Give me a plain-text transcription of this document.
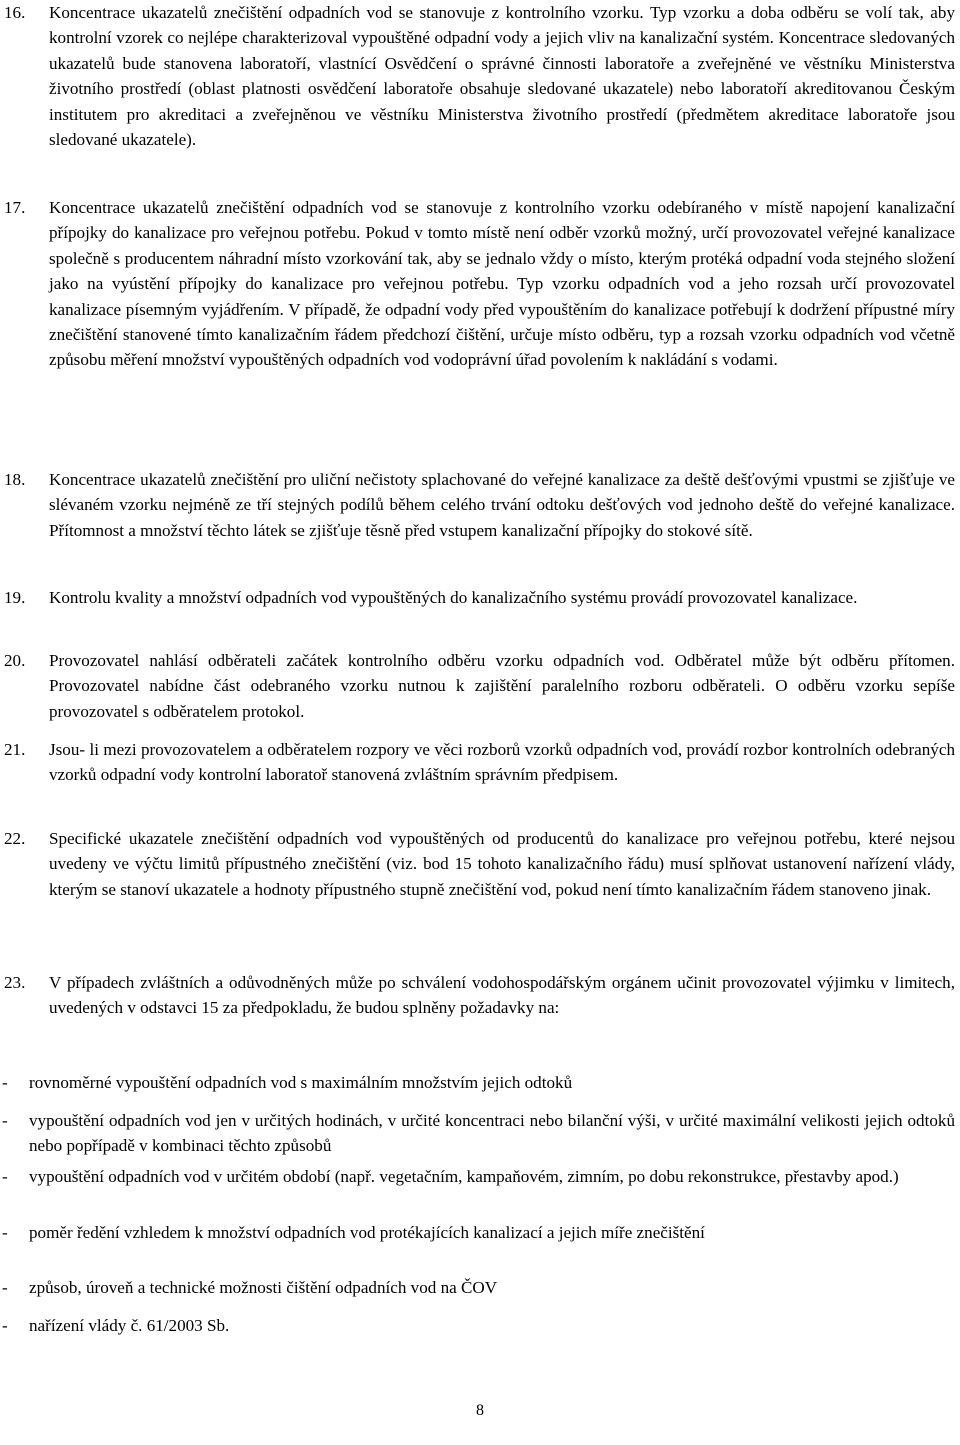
16.	Koncentrace ukazatelů znečištění odpadních vod se stanovuje z kontrolního vzorku. Typ vzorku a doba odběru se volí tak, aby kontrolní vzorek co nejlépe charakterizoval vypouštěné odpadní vody a jejich vliv na kanalizační systém. Koncentrace sledovaných ukazatelů bude stanovena laboratoří, vlastnící Osvědčení o správné činnosti laboratoře a zveřejněné ve věstníku Ministerstva životního prostředí (oblast platnosti osvědčení laboratoře obsahuje sledované ukazatele) nebo laboratoří akreditovanou Českým institutem pro akreditaci a zveřejněnou ve věstníku Ministerstva životního prostředí (předmětem akreditace laboratoře jsou sledované ukazatele).
17.	Koncentrace ukazatelů znečištění odpadních vod se stanovuje z kontrolního vzorku odebíraného v místě napojení kanalizační přípojky do kanalizace pro veřejnou potřebu. Pokud v tomto místě není odběr vzorků možný, určí provozovatel veřejné kanalizace společně s producentem náhradní místo vzorkování tak, aby se jednalo vždy o místo, kterým protéká odpadní voda stejného složení jako na vyústění přípojky do kanalizace pro veřejnou potřebu. Typ vzorku odpadních vod a jeho rozsah určí provozovatel kanalizace písemným vyjádřením. V případě, že odpadní vody před vypouštěním do kanalizace potřebují k dodržení přípustné míry znečištění stanovené tímto kanalizačním řádem předchozí čištění, určuje místo odběru, typ a rozsah vzorku odpadních vod včetně způsobu měření množství vypouštěných odpadních vod vodoprávní úřad povolením k nakládání s vodami.
18.	Koncentrace ukazatelů znečištění pro uliční nečistoty splachované do veřejné kanalizace za deště dešťovými vpustmi se zjišťuje ve slévaném vzorku nejméně ze tří stejných podílů během celého trvání odtoku dešťových vod jednoho deště do veřejné kanalizace. Přítomnost a množství těchto látek se zjišťuje těsně před vstupem kanalizační přípojky do stokové sítě.
19.	Kontrolu kvality a množství odpadních vod vypouštěných do kanalizačního systému provádí provozovatel kanalizace.
20.	Provozovatel nahlásí odběrateli začátek kontrolního odběru vzorku odpadních vod. Odběratel může být odběru přítomen. Provozovatel nabídne část odebraného vzorku nutnou k zajištění paralelního rozboru odběrateli. O odběru vzorku sepíše provozovatel s odběratelem protokol.
21.	Jsou- li mezi provozovatelem a odběratelem rozpory ve věci rozborů vzorků odpadních vod, provádí rozbor kontrolních odebraných vzorků odpadní vody kontrolní laboratoř stanovená zvláštním správním předpisem.
22.	Specifické ukazatele znečištění odpadních vod vypouštěných od producentů do kanalizace pro veřejnou potřebu, které nejsou uvedeny ve výčtu limitů přípustného znečištění (viz. bod 15 tohoto kanalizačního řádu) musí splňovat ustanovení nařízení vlády, kterým se stanoví ukazatele a hodnoty přípustného stupně znečištění vod, pokud není tímto kanalizačním řádem stanoveno jinak.
23.	V případech zvláštních a odůvodněných může po schválení vodohospodářským orgánem učinit provozovatel výjimku v limitech, uvedených v odstavci 15 za předpokladu, že budou splněny požadavky na:
-	rovnoměrné vypouštění odpadních vod s maximálním množstvím jejich odtoků
-	vypouštění odpadních vod jen v určitých hodinách, v určité koncentraci nebo bilanční výši, v určité maximální velikosti jejich odtoků nebo popřípadě v kombinaci těchto způsobů
-	vypouštění odpadních vod v určitém období (např. vegetačním, kampaňovém, zimním, po dobu rekonstrukce, přestavby apod.)
-	poměr ředění vzhledem k množství odpadních vod protékajících kanalizací a jejich míře znečištění
-	způsob, úroveň a technické možnosti čištění odpadních vod na ČOV
-	nařízení vlády č. 61/2003 Sb.
8
